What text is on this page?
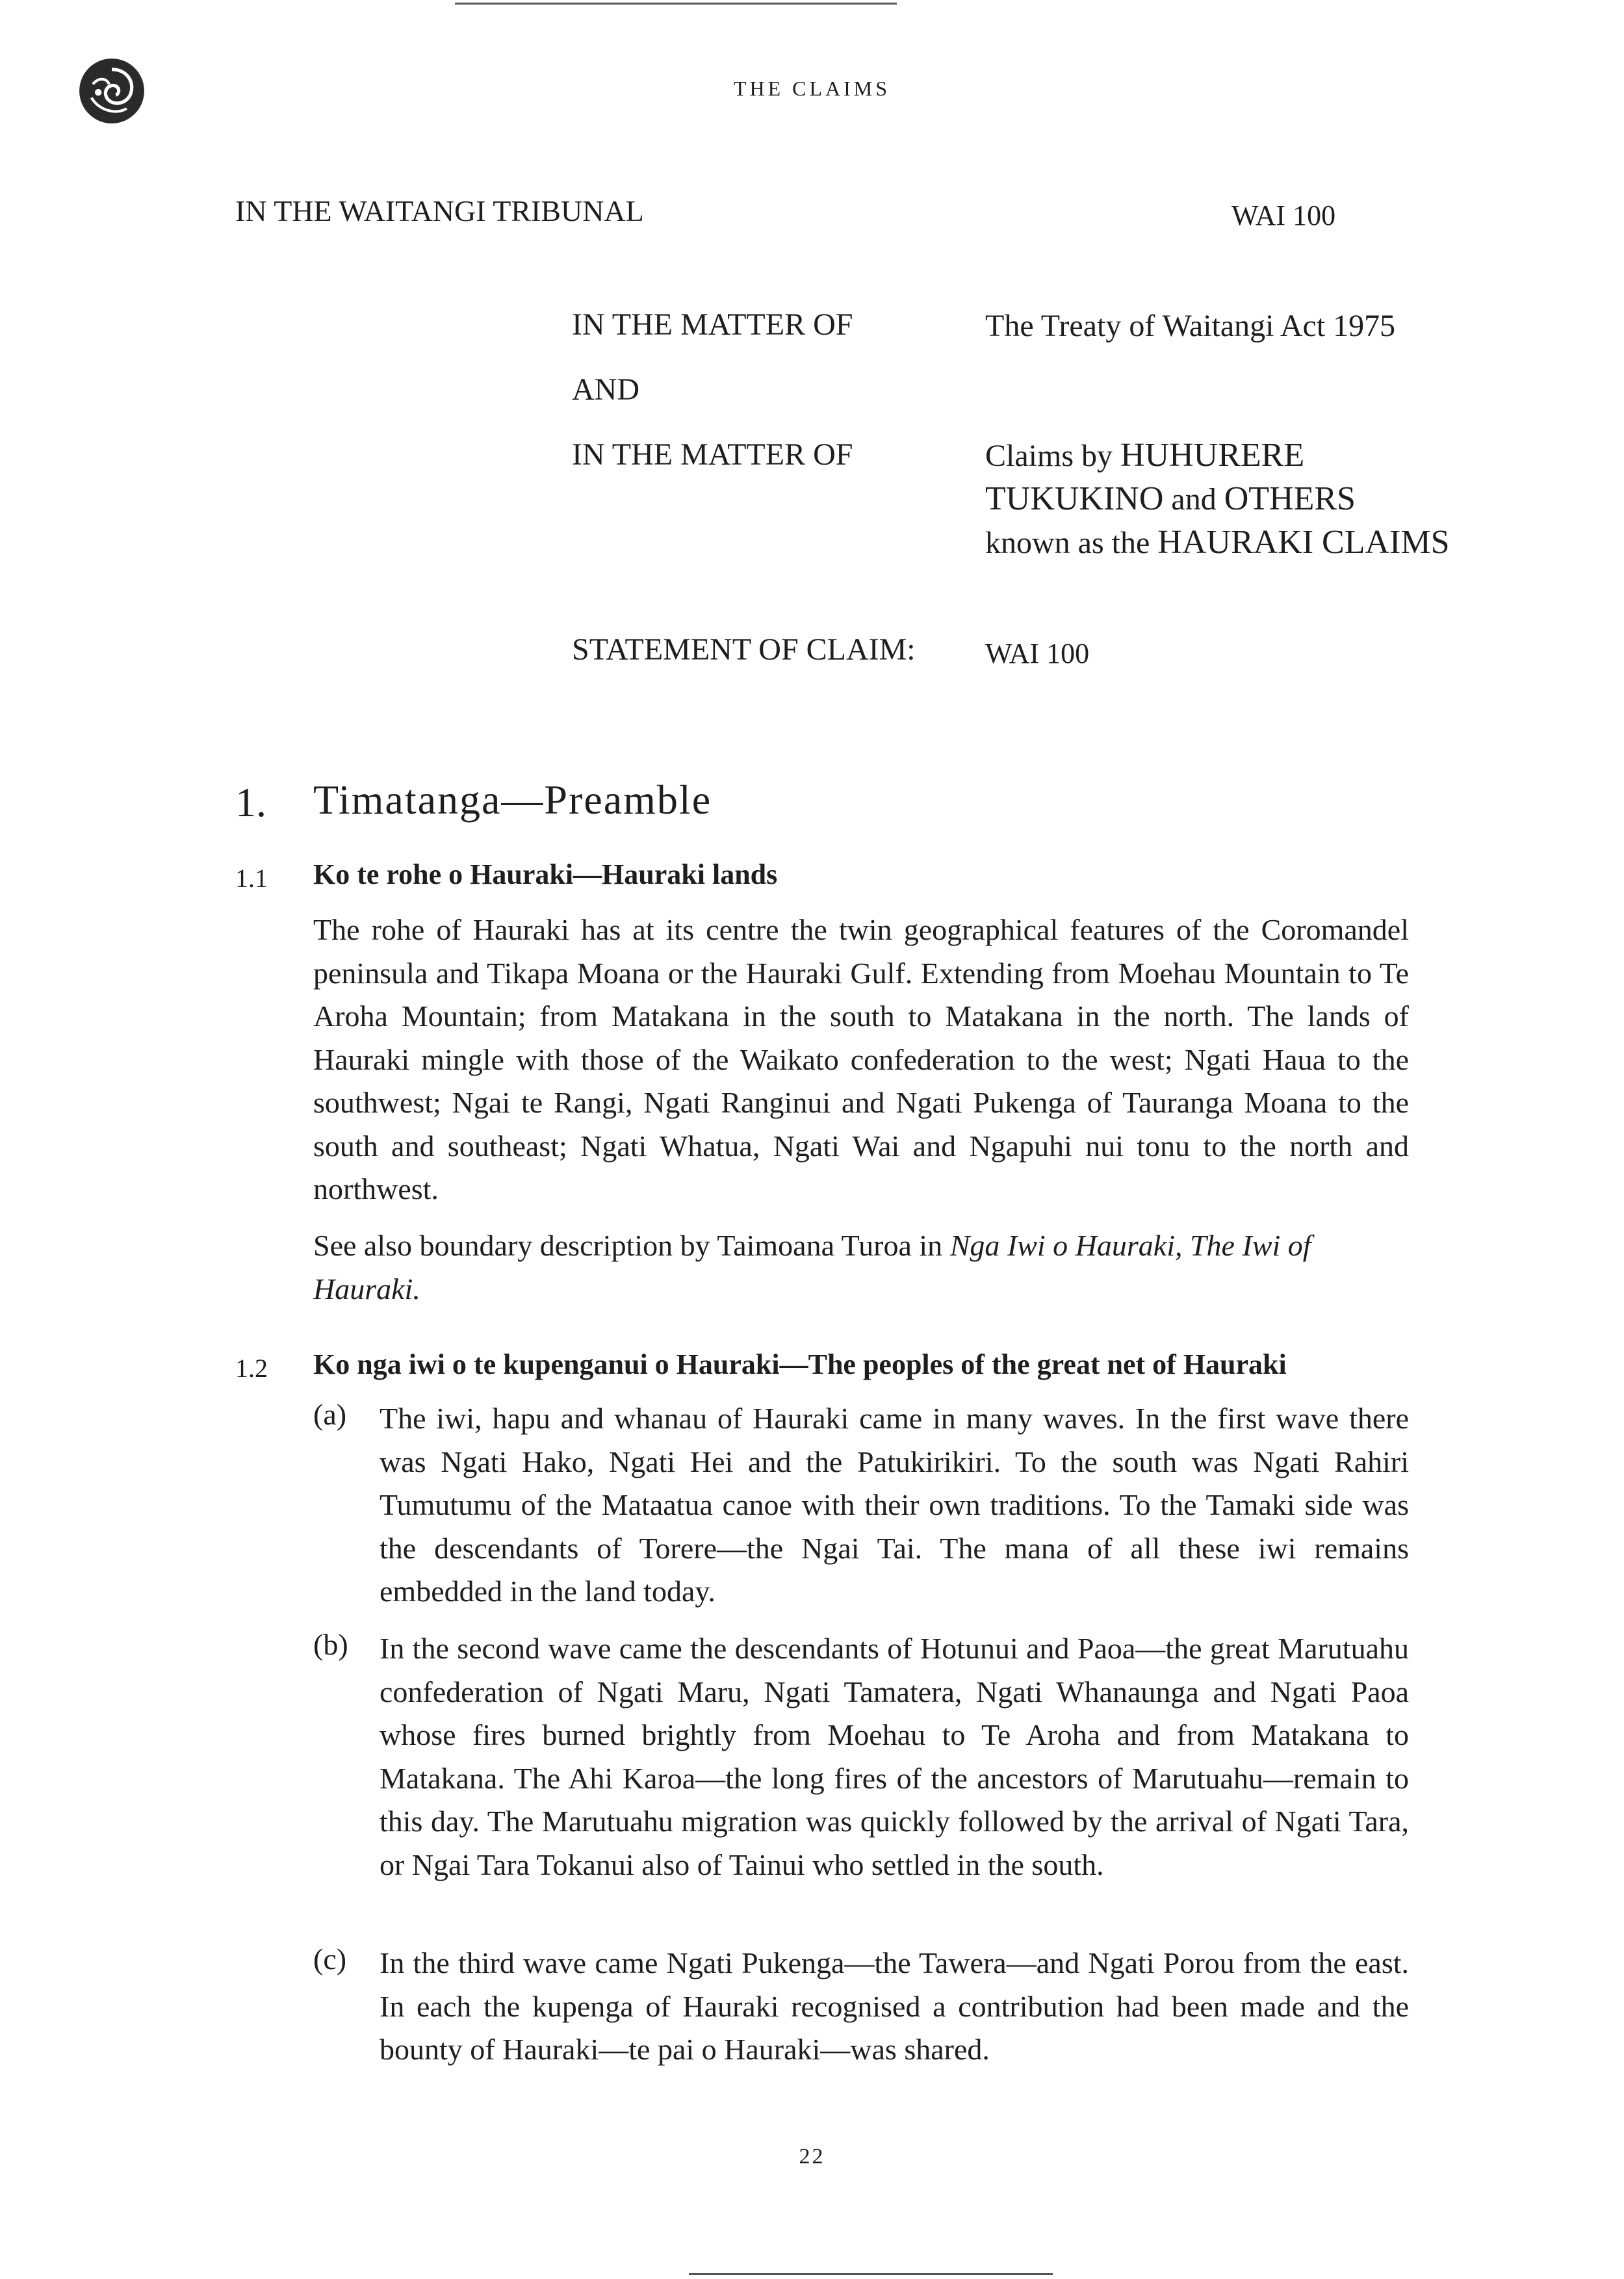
THE CLAIMS
IN THE WAITANGI TRIBUNAL	WAI 100
IN THE MATTER OF	The Treaty of Waitangi Act 1975
AND
IN THE MATTER OF	Claims by HUHURERE TUKUKINO and OTHERS
known as the HAURAKI CLAIMS
STATEMENT OF CLAIM: WAI 100
1. Timatanga—Preamble
1.1 Ko te rohe o Hauraki—Hauraki lands
The rohe of Hauraki has at its centre the twin geographical features of the Coromandel peninsula and Tikapa Moana or the Hauraki Gulf. Extending from Moehau Mountain to Te Aroha Mountain; from Matakana in the south to Matakana in the north. The lands of Hauraki mingle with those of the Waikato confederation to the west; Ngati Haua to the southwest; Ngai te Rangi, Ngati Ranginui and Ngati Pukenga of Tauranga Moana to the south and southeast; Ngati Whatua, Ngati Wai and Ngapuhi nui tonu to the north and northwest.
See also boundary description by Taimoana Turoa in Nga Iwi o Hauraki, The Iwi of Hauraki.
1.2 Ko nga iwi o te kupenganui o Hauraki—The peoples of the great net of Hauraki
(a) The iwi, hapu and whanau of Hauraki came in many waves. In the first wave there was Ngati Hako, Ngati Hei and the Patukirikiri. To the south was Ngati Rahiri Tumutumu of the Mataatua canoe with their own traditions. To the Tamaki side was the descendants of Torere—the Ngai Tai. The mana of all these iwi remains embedded in the land today.
(b) In the second wave came the descendants of Hotunui and Paoa—the great Marutuahu confederation of Ngati Maru, Ngati Tamatera, Ngati Whanaunga and Ngati Paoa whose fires burned brightly from Moehau to Te Aroha and from Matakana to Matakana. The Ahi Karoa—the long fires of the ancestors of Marutuahu—remain to this day. The Marutuahu migration was quickly followed by the arrival of Ngati Tara, or Ngai Tara Tokanui also of Tainui who settled in the south.
(c) In the third wave came Ngati Pukenga—the Tawera—and Ngati Porou from the east. In each the kupenga of Hauraki recognised a contribution had been made and the bounty of Hauraki—te pai o Hauraki—was shared.
22
